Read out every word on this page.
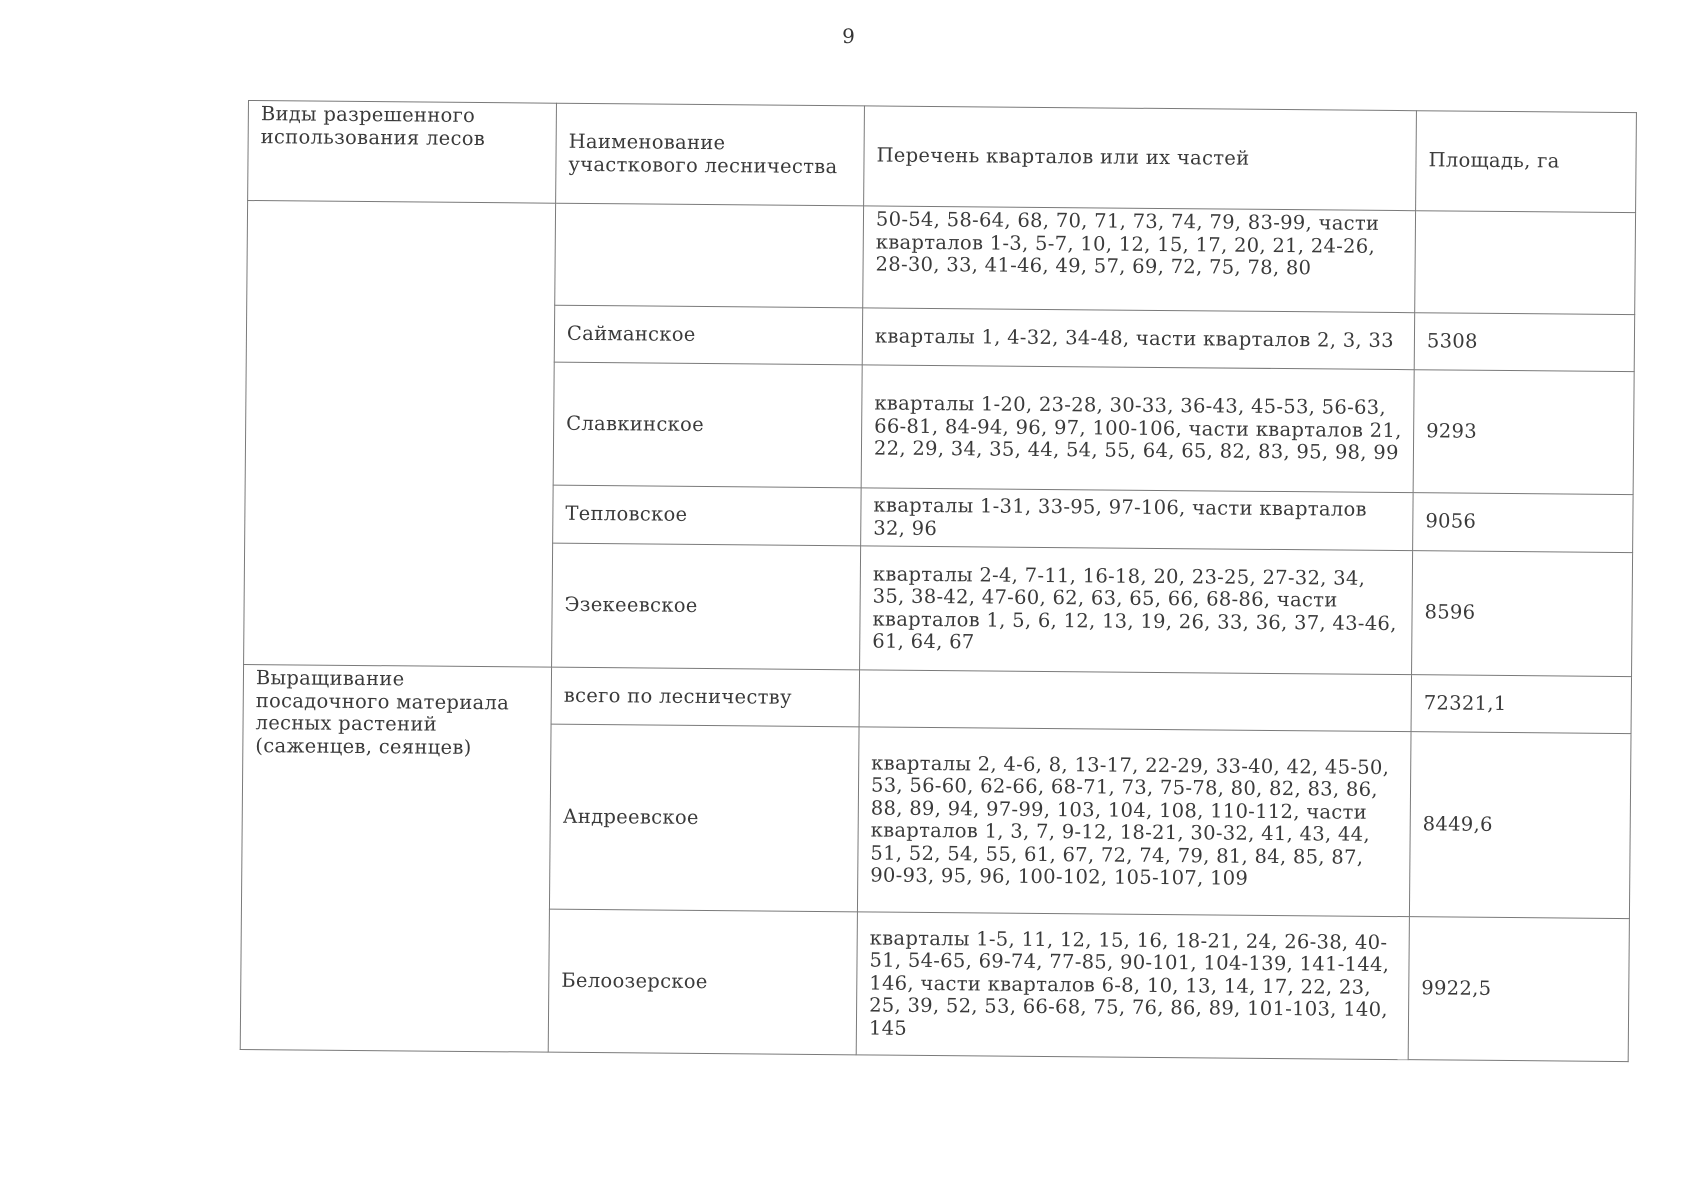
9
Виды разрешенного использования лесов	Наименование участкового лесничества	Перечень кварталов или их частей	Площадь, га
		50-54, 58-64, 68, 70, 71, 73, 74, 79, 83-99, части кварталов 1-3, 5-7, 10, 12, 15, 17, 20, 21, 24-26, 28-30, 33, 41-46, 49, 57, 69, 72, 75, 78, 80	
	Сайманское	кварталы 1, 4-32, 34-48, части кварталов 2, 3, 33	5308
	Славкинское	кварталы 1-20, 23-28, 30-33, 36-43, 45-53, 56-63, 66-81, 84-94, 96, 97, 100-106, части кварталов 21, 22, 29, 34, 35, 44, 54, 55, 64, 65, 82, 83, 95, 98, 99	9293
	Тепловское	кварталы 1-31, 33-95, 97-106, части кварталов 32, 96	9056
	Эзекеевское	кварталы 2-4, 7-11, 16-18, 20, 23-25, 27-32, 34, 35, 38-42, 47-60, 62, 63, 65, 66, 68-86, части кварталов 1, 5, 6, 12, 13, 19, 26, 33, 36, 37, 43-46, 61, 64, 67	8596
Выращивание посадочного материала лесных растений (саженцев, сеянцев)	всего по лесничеству		72321,1
	Андреевское	кварталы 2, 4-6, 8, 13-17, 22-29, 33-40, 42, 45-50, 53, 56-60, 62-66, 68-71, 73, 75-78, 80, 82, 83, 86, 88, 89, 94, 97-99, 103, 104, 108, 110-112, части кварталов 1, 3, 7, 9-12, 18-21, 30-32, 41, 43, 44, 51, 52, 54, 55, 61, 67, 72, 74, 79, 81, 84, 85, 87, 90-93, 95, 96, 100-102, 105-107, 109	8449,6
	Белоозерское	кварталы 1-5, 11, 12, 15, 16, 18-21, 24, 26-38, 40-51, 54-65, 69-74, 77-85, 90-101, 104-139, 141-144, 146, части кварталов 6-8, 10, 13, 14, 17, 22, 23, 25, 39, 52, 53, 66-68, 75, 76, 86, 89, 101-103, 140, 145	9922,5
